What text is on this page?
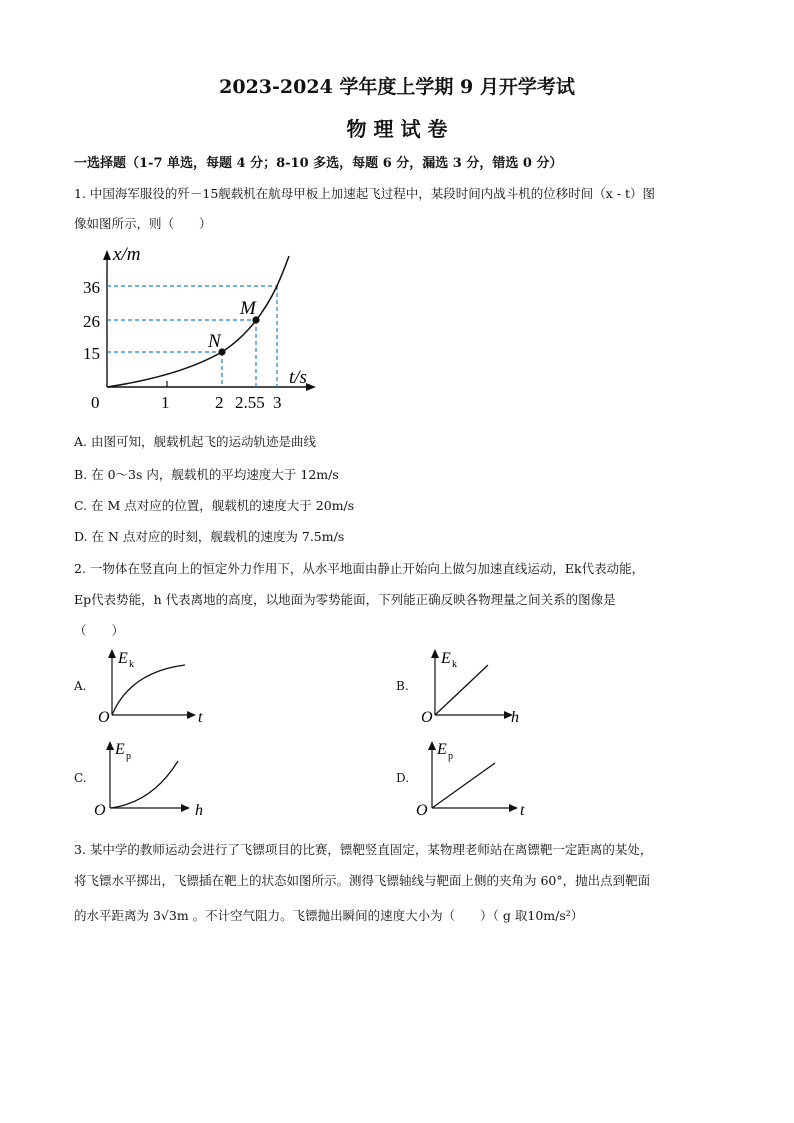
2023-2024 学年度上学期 9 月开学考试
物 理 试 卷
一选择题（1-7 单选，每题 4 分；8-10 多选，每题 6 分，漏选 3 分，错选 0 分）
1. 中国海军服役的歼－15舰载机在航母甲板上加速起飞过程中，某段时间内战斗机的位移时间（x - t）图
像如图所示，则（　　）
x/m
t/s
36
26
15
0	1	2 2.55 3
M
N
A. 由图可知，舰载机起飞的运动轨迹是曲线
B. 在 0～3s 内，舰载机的平均速度大于 12m/s
C. 在 M 点对应的位置，舰载机的速度大于 20m/s
D. 在 N 点对应的时刻，舰载机的速度为 7.5m/s
2. 一物体在竖直向上的恒定外力作用下，从水平地面由静止开始向上做匀加速直线运动，Ek代表动能，
Ep代表势能，h 代表离地的高度，以地面为零势能面，下列能正确反映各物理量之间关系的图像是
（　　）
A.
E k
O	t
B.
E k
O	h
C.
E p
O	h
D.
E p
O	t
3. 某中学的教师运动会进行了飞镖项目的比赛，镖靶竖直固定，某物理老师站在离镖靶一定距离的某处，
将飞镖水平掷出，飞镖插在靶上的状态如图所示。测得飞镖轴线与靶面上侧的夹角为 60°，抛出点到靶面
的水平距离为 3√3m 。不计空气阻力。飞镖抛出瞬间的速度大小为（　　）（ g 取10m/s²）
